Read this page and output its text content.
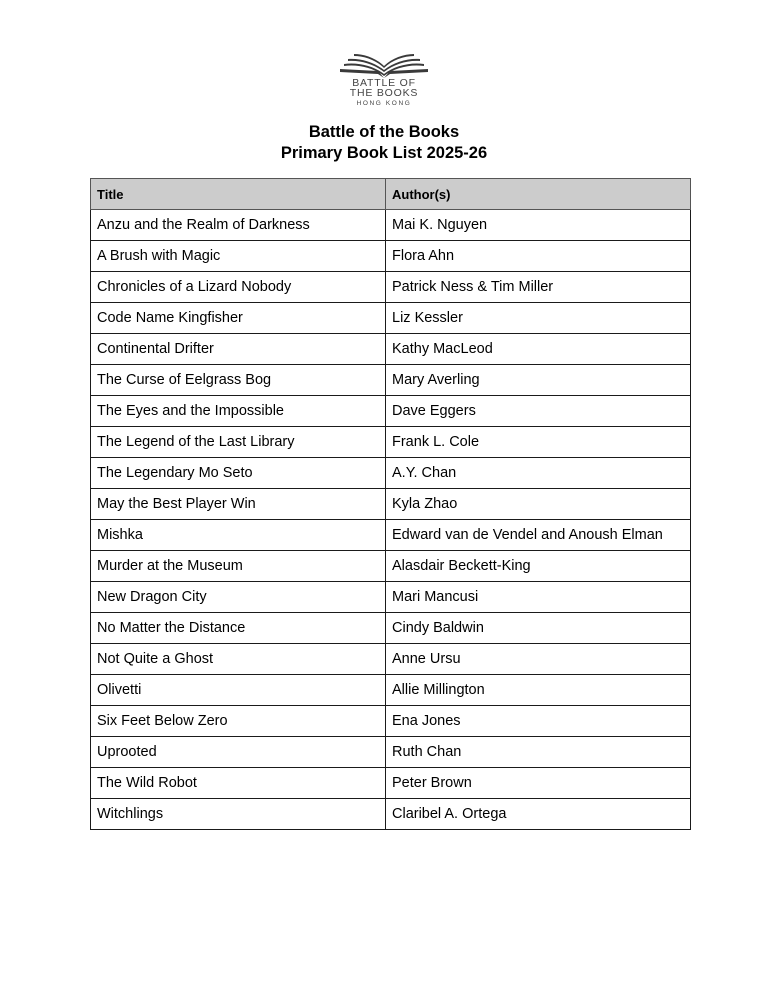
BATTLE OF
THE BOOKS
HONG KONG
Battle of the Books
Primary Book List 2025-26
Title	Author(s)
Anzu and the Realm of Darkness	Mai K. Nguyen
A Brush with Magic	Flora Ahn
Chronicles of a Lizard Nobody	Patrick Ness & Tim Miller
Code Name Kingfisher	Liz Kessler
Continental Drifter	Kathy MacLeod
The Curse of Eelgrass Bog	Mary Averling
The Eyes and the Impossible	Dave Eggers
The Legend of the Last Library	Frank L. Cole
The Legendary Mo Seto	A.Y. Chan
May the Best Player Win	Kyla Zhao
Mishka	Edward van de Vendel and Anoush Elman
Murder at the Museum	Alasdair Beckett-King
New Dragon City	Mari Mancusi
No Matter the Distance	Cindy Baldwin
Not Quite a Ghost	Anne Ursu
Olivetti	Allie Millington
Six Feet Below Zero	Ena Jones
Uprooted	Ruth Chan
The Wild Robot	Peter Brown
Witchlings	Claribel A. Ortega
